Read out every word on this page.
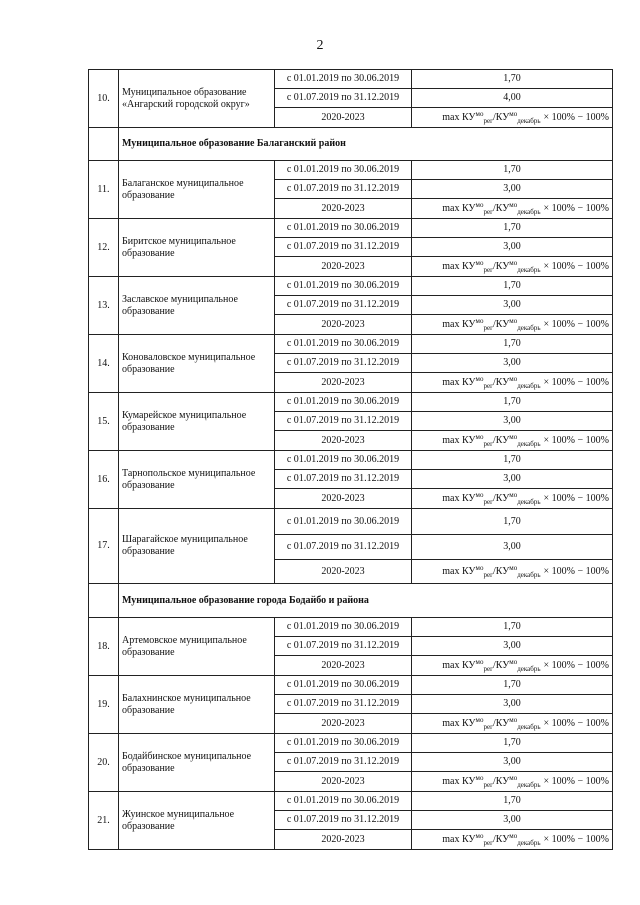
2
10.	Муниципальное образование «Ангарский городской округ»	с 01.01.2019 по 30.06.2019	1,70
		с 01.07.2019 по 31.12.2019	4,00
		2020-2023	$\max КУ^{мо}_{рег}/КУ^{мо}_{декабрь} \times 100\% - 100\%$
	Муниципальное образование Балаганский район		
11.	Балаганское муниципальное образование	с 01.01.2019 по 30.06.2019	1,70
		с 01.07.2019 по 31.12.2019	3,00
		2020-2023	$\max КУ^{мо}_{рег}/КУ^{мо}_{декабрь} \times 100\% - 100\%$
12.	Биритское муниципальное образование	с 01.01.2019 по 30.06.2019	1,70
		с 01.07.2019 по 31.12.2019	3,00
		2020-2023	$\max КУ^{мо}_{рег}/КУ^{мо}_{декабрь} \times 100\% - 100\%$
13.	Заславское муниципальное образование	с 01.01.2019 по 30.06.2019	1,70
		с 01.07.2019 по 31.12.2019	3,00
		2020-2023	$\max КУ^{мо}_{рег}/КУ^{мо}_{декабрь} \times 100\% - 100\%$
14.	Коноваловское муниципальное образование	с 01.01.2019 по 30.06.2019	1,70
		с 01.07.2019 по 31.12.2019	3,00
		2020-2023	$\max КУ^{мо}_{рег}/КУ^{мо}_{декабрь} \times 100\% - 100\%$
15.	Кумарейское муниципальное образование	с 01.01.2019 по 30.06.2019	1,70
		с 01.07.2019 по 31.12.2019	3,00
		2020-2023	$\max КУ^{мо}_{рег}/КУ^{мо}_{декабрь} \times 100\% - 100\%$
16.	Тарнопольское муниципальное образование	с 01.01.2019 по 30.06.2019	1,70
		с 01.07.2019 по 31.12.2019	3,00
		2020-2023	$\max КУ^{мо}_{рег}/КУ^{мо}_{декабрь} \times 100\% - 100\%$
17.	Шарагайское муниципальное образование	с 01.01.2019 по 30.06.2019	1,70
		с 01.07.2019 по 31.12.2019	3,00
		2020-2023	$\max КУ^{мо}_{рег}/КУ^{мо}_{декабрь} \times 100\% - 100\%$
	Муниципальное образование города Бодайбо и района		
18.	Артемовское муниципальное образование	с 01.01.2019 по 30.06.2019	1,70
		с 01.07.2019 по 31.12.2019	3,00
		2020-2023	$\max КУ^{мо}_{рег}/КУ^{мо}_{декабрь} \times 100\% - 100\%$
19.	Балахнинское муниципальное образование	с 01.01.2019 по 30.06.2019	1,70
		с 01.07.2019 по 31.12.2019	3,00
		2020-2023	$\max КУ^{мо}_{рег}/КУ^{мо}_{декабрь} \times 100\% - 100\%$
20.	Бодайбинское муниципальное образование	с 01.01.2019 по 30.06.2019	1,70
		с 01.07.2019 по 31.12.2019	3,00
		2020-2023	$\max КУ^{мо}_{рег}/КУ^{мо}_{декабрь} \times 100\% - 100\%$
21.	Жуинское муниципальное образование	с 01.01.2019 по 30.06.2019	1,70
		с 01.07.2019 по 31.12.2019	3,00
		2020-2023	$\max КУ^{мо}_{рег}/КУ^{мо}_{декабрь} \times 100\% - 100\%$
